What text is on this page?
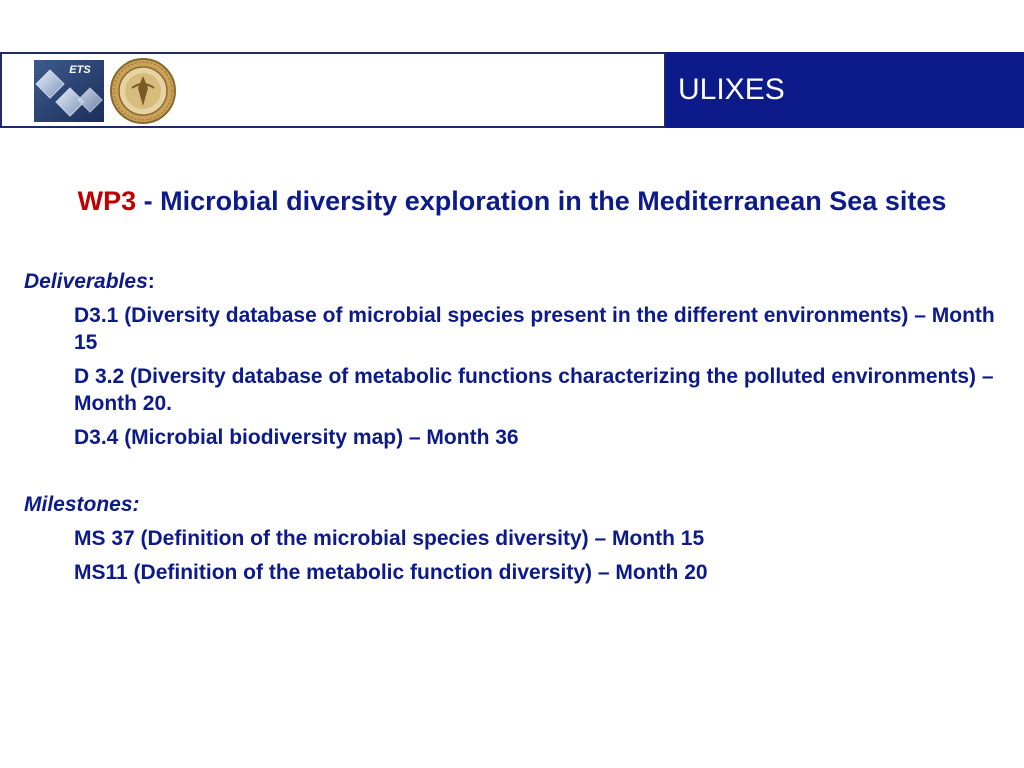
ETS
ULIXES
WP3 - Microbial diversity exploration in the Mediterranean Sea sites

Deliverables:

D3.1 (Diversity database of microbial species present in the different environments) – Month 15
D 3.2 (Diversity database of metabolic functions characterizing the polluted environments) – Month 20.
D3.4 (Microbial biodiversity map) – Month 36

Milestones:

MS 37 (Definition of the microbial species diversity) – Month 15
MS11 (Definition of the metabolic function diversity) – Month 20
